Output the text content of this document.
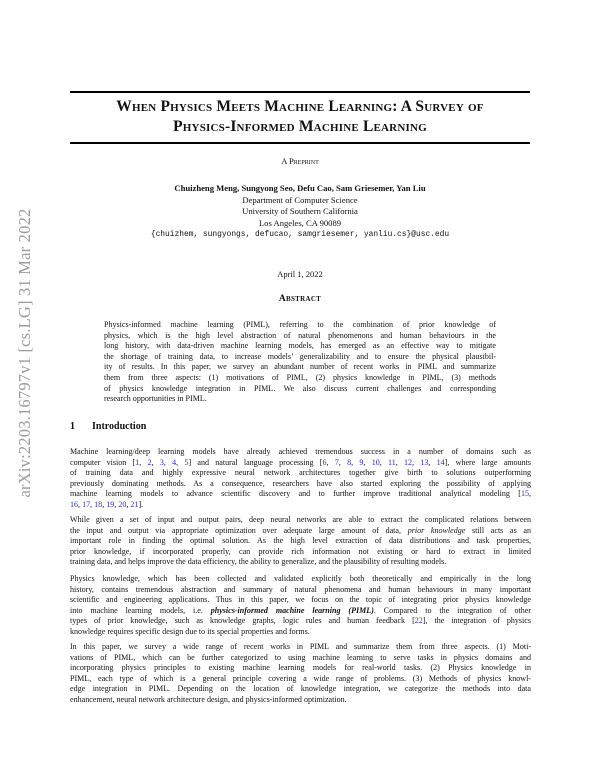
arXiv:2203.16797v1 [cs.LG] 31 Mar 2022
When Physics Meets Machine Learning: A Survey of
Physics-Informed Machine Learning
A Preprint
Chuizheng Meng, Sungyong Seo, Defu Cao, Sam Griesemer, Yan Liu
Department of Computer Science
University of Southern California
Los Angeles, CA 90089
{chuizhem, sungyongs, defucao, samgriesemer, yanliu.cs}@usc.edu
April 1, 2022
Abstract
Physics-informed machine learning (PIML), referring to the combination of prior knowledge of
physics, which is the high level abstraction of natural phenomenons and human behaviours in the
long history, with data-driven machine learning models, has emerged as an effective way to mitigate
the shortage of training data, to increase models’ generalizability and to ensure the physical plausibil-
ity of results. In this paper, we survey an abundant number of recent works in PIML and summarize
them from three aspects: (1) motivations of PIML, (2) physics knowledge in PIML, (3) methods
of physics knowledge integration in PIML. We also discuss current challenges and corresponding
research opportunities in PIML.
1 Introduction
Machine learning/deep learning models have already achieved tremendous success in a number of domains such as
computer vision [1, 2, 3, 4, 5] and natural language processing [6, 7, 8, 9, 10, 11, 12, 13, 14], where large amounts
of training data and highly expressive neural network architectures together give birth to solutions outperforming
previously dominating methods. As a consequence, researchers have also started exploring the possibility of applying
machine learning models to advance scientific discovery and to further improve traditional analytical modeling [15,
16, 17, 18, 19, 20, 21].
While given a set of input and output pairs, deep neural networks are able to extract the complicated relations between
the input and output via appropriate optimization over adequate large amount of data, prior knowledge still acts as an
important role in finding the optimal solution. As the high level extraction of data distributions and task properties,
prior knowledge, if incorporated properly, can provide rich information not existing or hard to extract in limited
training data, and helps improve the data efficiency, the ability to generalize, and the plausibility of resulting models.
Physics knowledge, which has been collected and validated explicitly both theoretically and empirically in the long
history, contains tremendous abstraction and summary of natural phenomena and human behaviours in many important
scientific and engineering applications. Thus in this paper, we focus on the topic of integrating prior physics knowledge
into machine learning models, i.e. physics-informed machine learning (PIML). Compared to the integration of other
types of prior knowledge, such as knowledge graphs, logic rules and human feedback [22], the integration of physics
knowledge requires specific design due to its special properties and forms.
In this paper, we survey a wide range of recent works in PIML and summarize them from three aspects. (1) Moti-
vations of PIML, which can be further categorized to using machine learning to serve tasks in physics domains and
incorporating physics principles to existing machine learning models for real-world tasks. (2) Physics knowledge in
PIML, each type of which is a general principle covering a wide range of problems. (3) Methods of physics knowl-
edge integration in PIML. Depending on the location of knowledge integration, we categorize the methods into data
enhancement, neural network architecture design, and physics-informed optimization.
